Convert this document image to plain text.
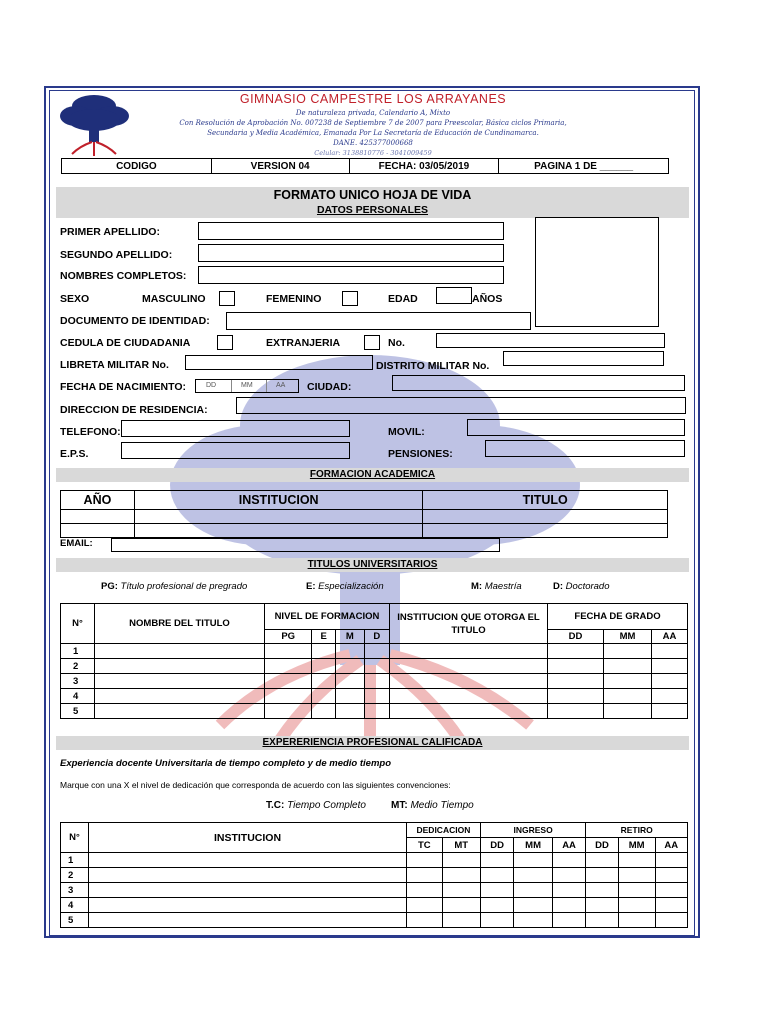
GIMNASIO CAMPESTRE LOS ARRAYANES
De naturaleza privada, Calendario A, Mixto
Con Resolución de Aprobación No. 007238 de Septiembre 7 de 2007 para Preescolar, Básica ciclos Primaria,
Secundaria y Media Académica, Emanada Por La Secretaría de Educación de Cundinamarca.
DANE. 425377000668
Celular: 3138810776 - 3041009459
CODIGO	VERSION 04	FECHA: 03/05/2019	PAGINA 1 DE ______
FORMATO UNICO HOJA DE VIDA
DATOS PERSONALES
PRIMER APELLIDO:
SEGUNDO APELLIDO:
NOMBRES COMPLETOS:
SEXO	MASCULINO	FEMENINO	EDAD	AÑOS
DOCUMENTO DE IDENTIDAD:
CEDULA DE CIUDADANIA	EXTRANJERIA	No.
LIBRETA MILITAR No.	DISTRITO MILITAR No.
FECHA DE NACIMIENTO:	DD	MM	AA CIUDAD:
DIRECCION DE RESIDENCIA:
TELEFONO:	MOVIL:
E.P.S.	PENSIONES:
FORMACION ACADEMICA
AÑO	INSTITUCION	TITULO

EMAIL:
TITULOS UNIVERSITARIOS
PG: Título profesional de pregrado	E: Especialización	M: Maestría	D: Doctorado
N°	NOMBRE DEL TITULO	NIVEL DE FORMACION				INSTITUCION QUE OTORGA EL TITULO	FECHA DE GRADO		
		PG	E	M	D		DD	MM	AA
1									
2									
3									
4									
5									
EXPERERIENCIA PROFESIONAL CALIFICADA
Experiencia docente Universitaria de tiempo completo y de medio tiempo
Marque con una X el nivel de dedicación que corresponda de acuerdo con las siguientes convenciones:
T.C: Tiempo Completo	MT: Medio Tiempo
N°	INSTITUCION	DEDICACION		INGRESO			RETIRO		
		TC	MT	DD	MM	AA	DD	MM	AA
1									
2									
3									
4									
5									
